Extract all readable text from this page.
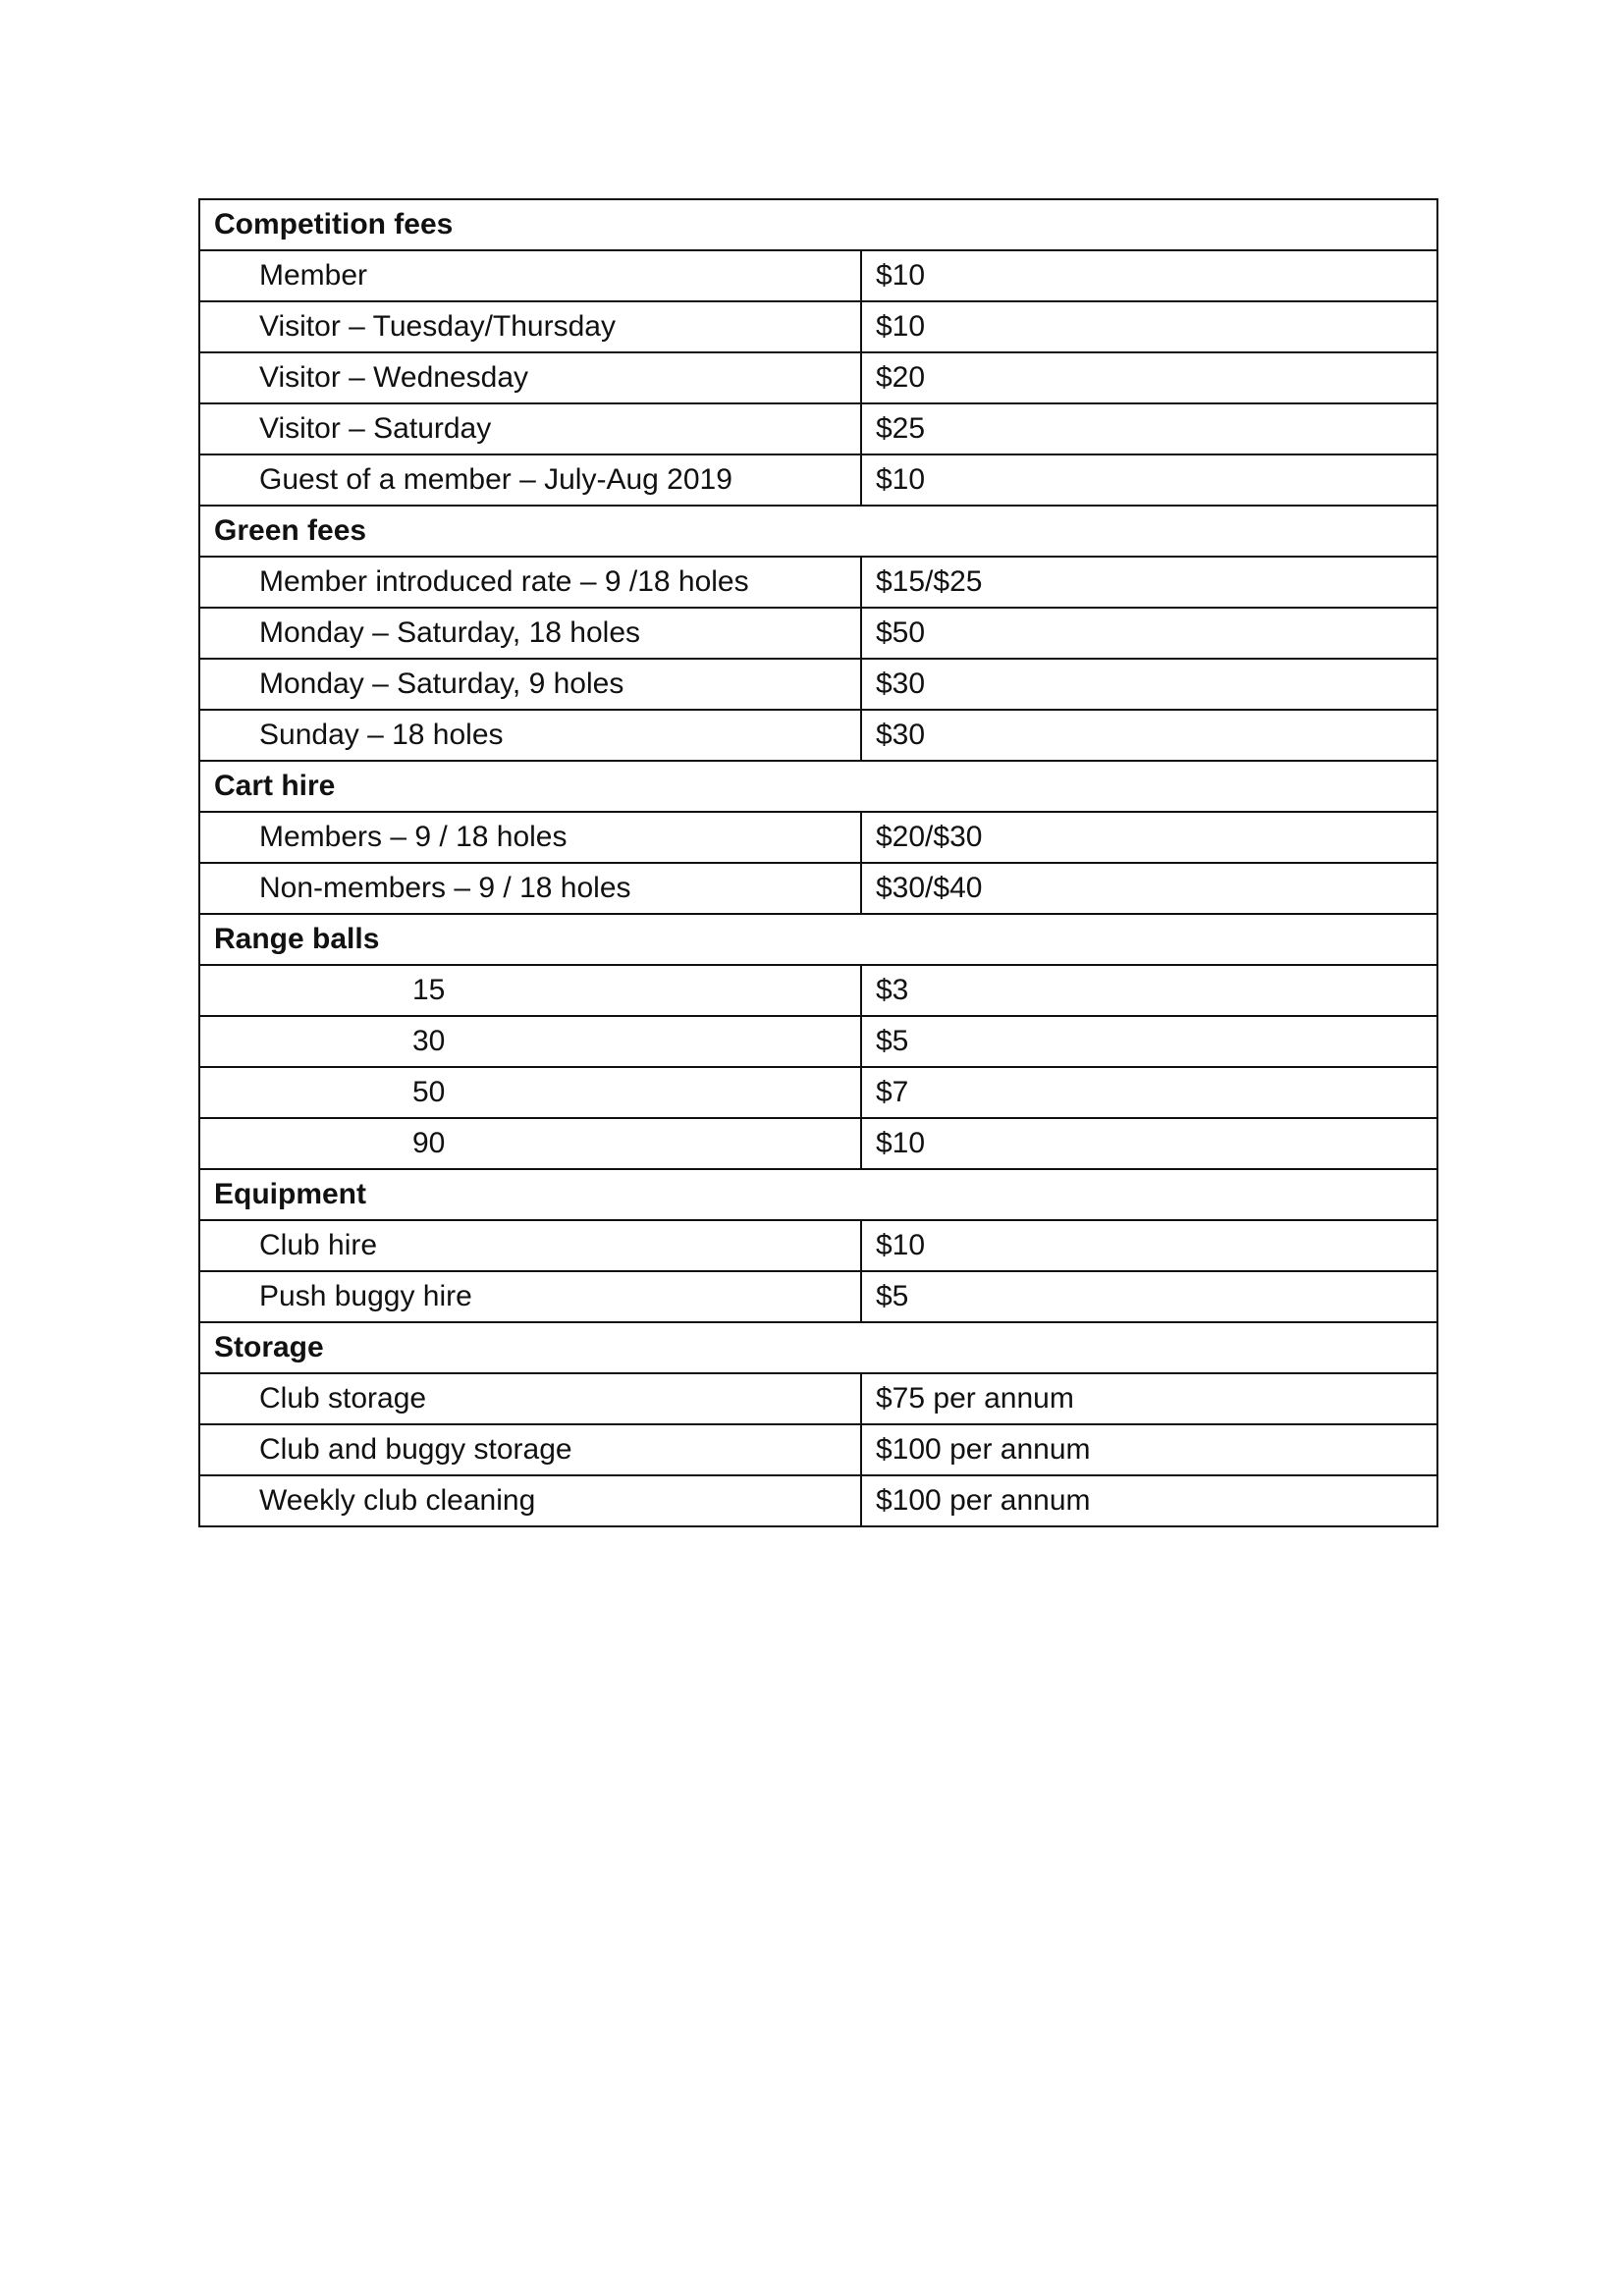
Competition fees	
Member	$10
Visitor – Tuesday/Thursday	$10
Visitor – Wednesday	$20
Visitor – Saturday	$25
Guest of a member – July-Aug 2019	$10
Green fees	
Member introduced rate – 9 /18 holes	$15/$25
Monday – Saturday, 18 holes	$50
Monday – Saturday, 9 holes	$30
Sunday – 18 holes	$30
Cart hire	
Members – 9 / 18 holes	$20/$30
Non-members – 9 / 18 holes	$30/$40
Range balls	
15	$3
30	$5
50	$7
90	$10
Equipment	
Club hire	$10
Push buggy hire	$5
Storage	
Club storage	$75 per annum
Club and buggy storage	$100 per annum
Weekly club cleaning	$100 per annum
